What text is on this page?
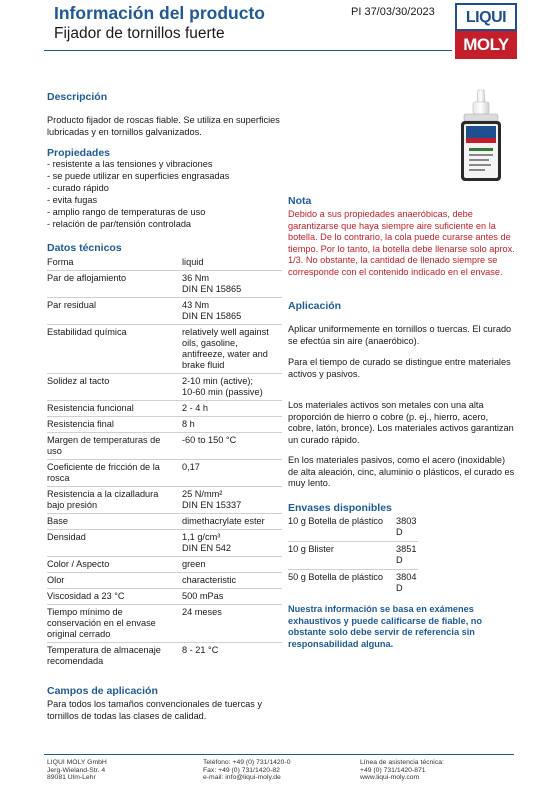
Información del producto
Fijador de tornillos fuerte
PI 37/03/30/2023	LIQUI
MOLY
Descripción
Producto fijador de roscas fiable. Se utiliza en superficies lubricadas y en tornillos galvanizados.
Propiedades
- resistente a las tensiones y vibraciones
- se puede utilizar en superficies engrasadas
- curado rápido
- evita fugas
- amplio rango de temperaturas de uso
- relación de par/tensión controlada
Datos técnicos
Forma	liquid
Par de aflojamiento	36 Nm
DIN EN 15865
Par residual	43 Nm
DIN EN 15865
Estabilidad química	relatively well against oils, gasoline, antifreeze, water and brake fluid
Solidez al tacto	2-10 min (active);
10-60 min (passive)
Resistencia funcional	2 - 4 h
Resistencia final	8 h
Margen de temperaturas de uso	-60 to 150 °C
Coeficiente de fricción de la rosca	0,17
Resistencia a la cizalladura bajo presión	25 N/mm²
DIN EN 15337
Base	dimethacrylate ester
Densidad	1,1 g/cm³
DIN EN 542
Color / Aspecto	green
Olor	characteristic
Viscosidad a 23 °C	500 mPas
Tiempo mínimo de conservación en el envase original cerrado	24 meses
Temperatura de almacenaje recomendada	8 - 21 °C
Campos de aplicación
Para todos los tamaños convencionales de tuercas y tornillos de todas las clases de calidad.
Nota
Debido a sus propiedades anaeróbicas, debe garantizarse que haya siempre aire suficiente en la botella. De lo contrario, la cola puede curarse antes de tiempo. Por lo tanto, la botella debe llenarse solo aprox. 1/3. No obstante, la cantidad de llenado siempre se corresponde con el contenido indicado en el envase.
Aplicación
Aplicar uniformemente en tornillos o tuercas. El curado se efectúa sin aire (anaeróbico).
Para el tiempo de curado se distingue entre materiales activos y pasivos.
Los materiales activos son metales con una alta proporción de hierro o cobre (p. ej., hierro, acero, cobre, latón, bronce). Los materiales activos garantizan un curado rápido.
En los materiales pasivos, como el acero (inoxidable) de alta aleación, cinc, aluminio o plásticos, el curado es muy lento.
Envases disponibles
10 g Botella de plástico	3803
D
10 g Blister	3851
D
50 g Botella de plástico	3804
D
Nuestra información se basa en exámenes exhaustivos y puede calificarse de fiable, no obstante solo debe servir de referencia sin responsabilidad alguna.
LIQUI MOLY GmbH
Jerg-Wieland-Str. 4
89081 Ulm-Lehr
Teléfono: +49 (0) 731/1420-0
Fax: +49 (0) 731/1420-82
e-mail: info@liqui-moly.de
Línea de asistencia técnica:
+49 (0) 731/1420-871
www.liqui-moly.com
